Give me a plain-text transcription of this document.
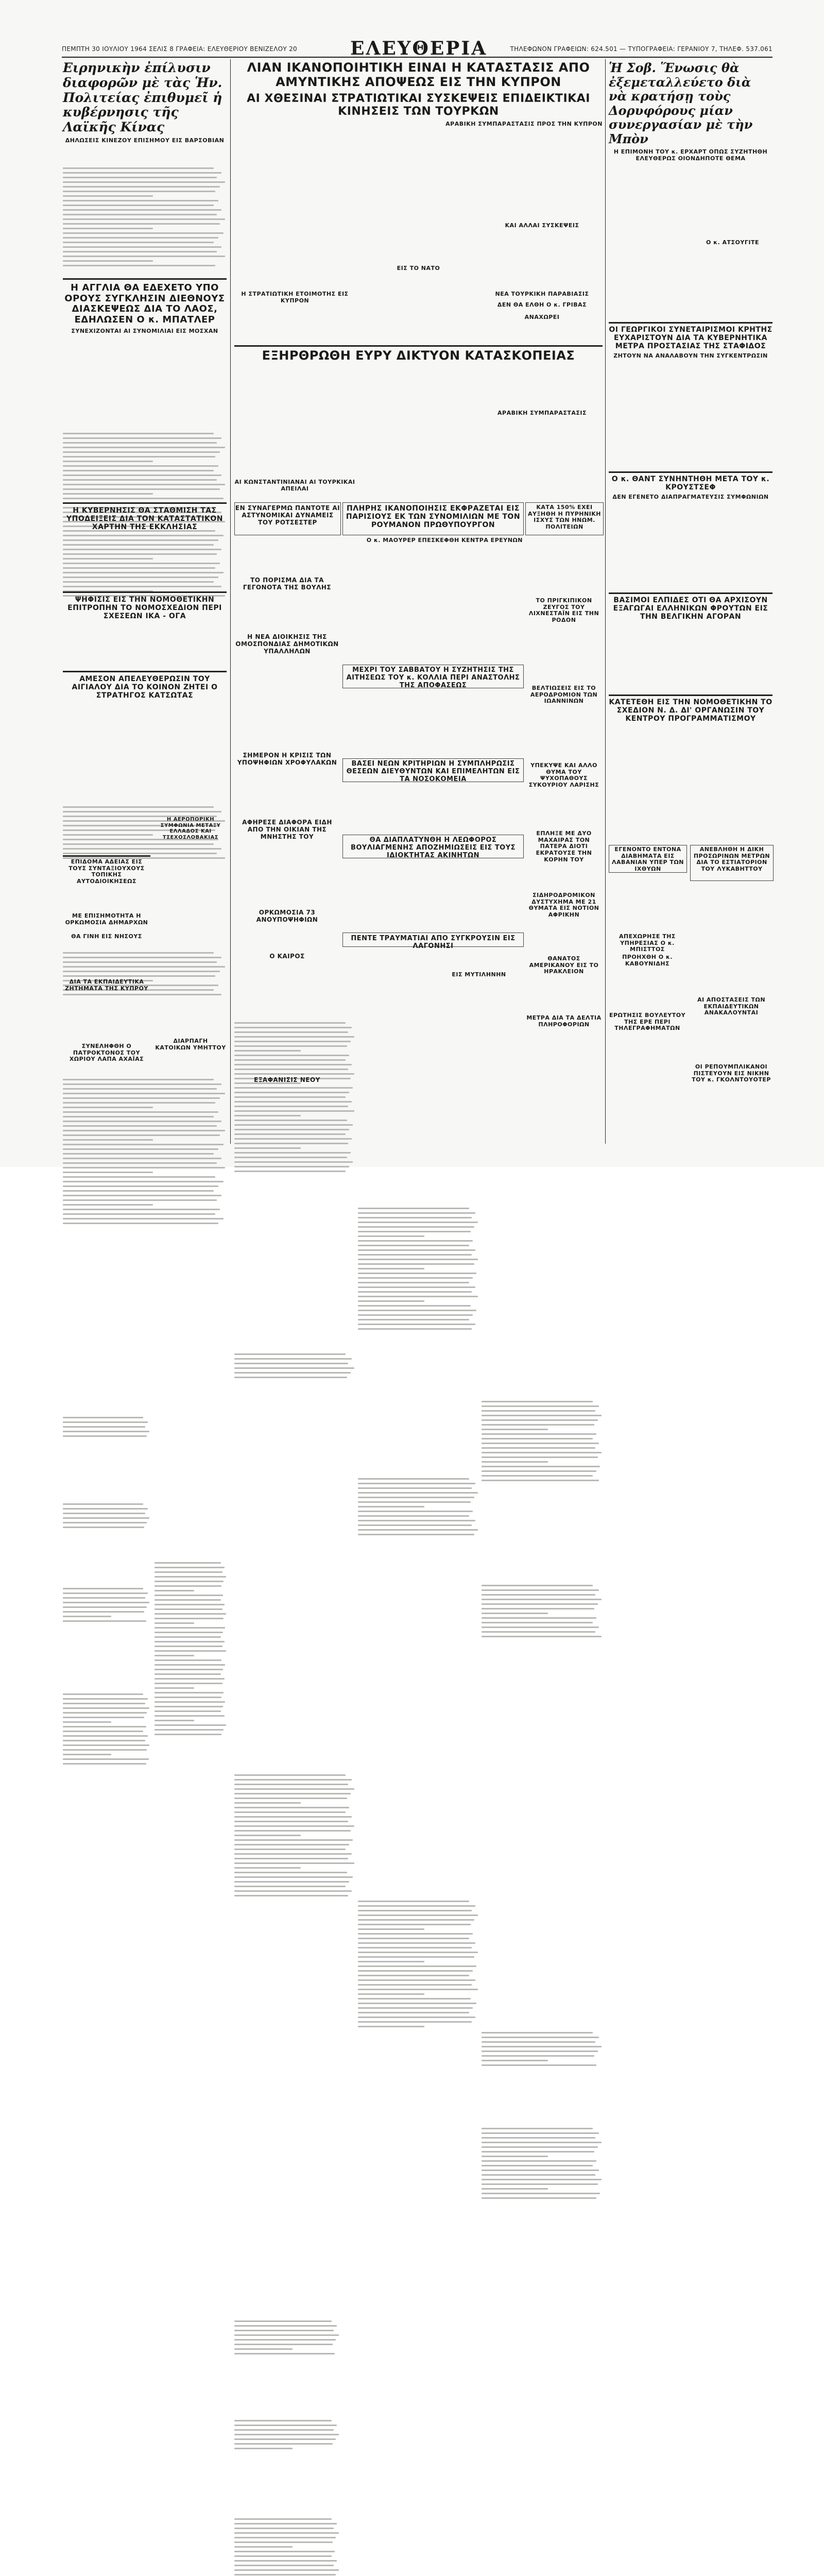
ΠΕΜΠΤΗ 30 ΙΟΥΛΙΟΥ 1964 ΣΕΛΙΣ 8 ΓΡΑΦΕΙΑ: ΕΛΕΥΘΕΡΙΟΥ ΒΕΝΙΖΕΛΟΥ 20	ΕΛΕΥΘΕΡΙΑ	ΤΗΛΕΦΩΝΟΝ ΓΡΑΦΕΙΩΝ: 624.501 — ΤΥΠΟΓΡΑΦΕΙΑ: ΓΕΡΑΝΙΟΥ 7, ΤΗΛΕΦ. 537.061
Ειρηνικὴν ἐπίλυσιν διαφορῶν μὲ τὰς Ἡν. Πολιτείας ἐπιθυμεῖ ἡ κυβέρνησις τῆς Λαϊκῆς Κίνας
ΔΗΛΩΣΕΙΣ ΚΙΝΕΖΟΥ ΕΠΙΣΗΜΟΥ ΕΙΣ ΒΑΡΣΟΒΙΑΝ
Η ΑΓΓΛΙΑ ΘΑ ΕΔΕΧΕΤΟ ΥΠΟ ΟΡΟΥΣ ΣΥΓΚΛΗΣΙΝ ΔΙΕΘΝΟΥΣ ΔΙΑΣΚΕΨΕΩΣ ΔΙΑ ΤΟ ΛΑΟΣ, ΕΔΗΛΩΣΕΝ Ο κ. ΜΠΑΤΛΕΡ
ΣΥΝΕΧΙΖΟΝΤΑΙ ΑΙ ΣΥΝΟΜΙΛΙΑΙ ΕΙΣ ΜΟΣΧΑΝ
Η ΚΥΒΕΡΝΗΣΙΣ ΘΑ ΣΤΑΘΜΙΣΗ ΤΑΣ ΥΠΟΔΕΙΞΕΙΣ ΔΙΑ ΤΟΝ ΚΑΤΑΣΤΑΤΙΚΟΝ ΧΑΡΤΗΝ ΤΗΣ ΕΚΚΛΗΣΙΑΣ
ΨΗΦΙΣΙΣ ΕΙΣ ΤΗΝ ΝΟΜΟΘΕΤΙΚΗΝ ΕΠΙΤΡΟΠΗΝ ΤΟ ΝΟΜΟΣΧΕΔΙΟΝ ΠΕΡΙ ΣΧΕΣΕΩΝ ΙΚΑ - ΟΓΑ
ΑΜΕΣΟΝ ΑΠΕΛΕΥΘΕΡΩΣΙΝ ΤΟΥ ΑΙΓΙΑΛΟΥ ΔΙΑ ΤΟ ΚΟΙΝΟΝ ΖΗΤΕΙ Ο ΣΤΡΑΤΗΓΟΣ ΚΑΤΣΩΤΑΣ
ΕΠΙΔΟΜΑ ΑΔΕΙΑΣ ΕΙΣ ΤΟΥΣ ΣΥΝΤΑΞΙΟΥΧΟΥΣ ΤΟΠΙΚΗΣ ΑΥΤΟΔΙΟΙΚΗΣΕΩΣ
ΜΕ ΕΠΙΣΗΜΟΤΗΤΑ Η ΟΡΚΩΜΟΣΙΑ ΔΗΜΑΡΧΩΝ
ΘΑ ΓΙΝΗ ΕΙΣ ΝΗΣΟΥΣ
ΔΙΑ ΤΑ ΕΚΠΑΙΔΕΥΤΙΚΑ ΖΗΤΗΜΑΤΑ ΤΗΣ ΚΥΠΡΟΥ
ΣΥΝΕΛΗΦΘΗ Ο ΠΑΤΡΟΚΤΟΝΟΣ ΤΟΥ ΧΩΡΙΟΥ ΛΑΠΑ ΑΧΑΪΑΣ
ΔΙΑΡΠΑΓΗ ΚΑΤΟΙΚΩΝ ΥΜΗΤΤΟΥ
ΛΙΑΝ ΙΚΑΝΟΠΟΙΗΤΙΚΗ ΕΙΝΑΙ Η ΚΑΤΑΣΤΑΣΙΣ ΑΠΟ ΑΜΥΝΤΙΚΗΣ ΑΠΟΨΕΩΣ ΕΙΣ ΤΗΝ ΚΥΠΡΟΝ
ΑΙ ΧΘΕΣΙΝΑΙ ΣΤΡΑΤΙΩΤΙΚΑΙ ΣΥΣΚΕΨΕΙΣ ΕΠΙΔΕΙΚΤΙΚΑΙ ΚΙΝΗΣΕΙΣ ΤΩΝ ΤΟΥΡΚΩΝ
ΑΡΑΒΙΚΗ ΣΥΜΠΑΡΑΣΤΑΣΙΣ ΠΡΟΣ ΤΗΝ ΚΥΠΡΟΝ
Η ΣΤΡΑΤΙΩΤΙΚΗ ΕΤΟΙΜΟΤΗΣ ΕΙΣ ΚΥΠΡΟΝ
ΕΙΣ ΤΟ ΝΑΤΟ
ΚΑΙ ΑΛΛΑΙ ΣΥΣΚΕΨΕΙΣ
ΕΞΗΡΘΡΩΘΗ ΕΥΡΥ ΔΙΚΤΥΟΝ ΚΑΤΑΣΚΟΠΕΙΑΣ
ΑΙ ΚΩΝΣΤΑΝΤΙΝΙΑΝΑΙ ΑΙ ΤΟΥΡΚΙΚΑΙ ΑΠΕΙΛΑΙ
ΑΡΑΒΙΚΗ ΣΥΜΠΑΡΑΣΤΑΣΙΣ
ΕΝ ΣΥΝΑΓΕΡΜΩ ΠΑΝΤΟΤΕ ΑΙ ΑΣΤΥΝΟΜΙΚΑΙ ΔΥΝΑΜΕΙΣ ΤΟΥ ΡΟΤΣΕΣΤΕΡ
ΤΟ ΠΟΡΙΣΜΑ ΔΙΑ ΤΑ ΓΕΓΟΝΟΤΑ ΤΗΣ ΒΟΥΛΗΣ
Η ΝΕΑ ΔΙΟΙΚΗΣΙΣ ΤΗΣ ΟΜΟΣΠΟΝΔΙΑΣ ΔΗΜΟΤΙΚΩΝ ΥΠΑΛΛΗΛΩΝ
ΣΗΜΕΡΟΝ Η ΚΡΙΣΙΣ ΤΩΝ ΥΠΟΨΗΦΙΩΝ ΧΡΟΦΥΛΑΚΩΝ
ΑΦΗΡΕΣΕ ΔΙΑΦΟΡΑ ΕΙΔΗ ΑΠΟ ΤΗΝ ΟΙΚΙΑΝ ΤΗΣ ΜΝΗΣΤΗΣ ΤΟΥ
ΟΡΚΩΜΟΣΙΑ 73 ΑΝΟΥΠΟΨΗΦΙΩΝ
Ο ΚΑΙΡΟΣ
ΕΞΑΦΑΝΙΣΙΣ ΝΕΟΥ
ΠΛΗΡΗΣ ΙΚΑΝΟΠΟΙΗΣΙΣ ΕΚΦΡΑΖΕΤΑΙ ΕΙΣ ΠΑΡΙΣΙΟΥΣ ΕΚ ΤΩΝ ΣΥΝΟΜΙΛΙΩΝ ΜΕ ΤΟΝ ΡΟΥΜΑΝΟΝ ΠΡΩΘΥΠΟΥΡΓΟΝ
Ο κ. ΜΑΟΥΡΕΡ ΕΠΕΣΚΕΦΘΗ ΚΕΝΤΡΑ ΕΡΕΥΝΩΝ
ΚΑΤΑ 150% ΕΧΕΙ ΑΥΞΗΘΗ Η ΠΥΡΗΝΙΚΗ ΙΣΧΥΣ ΤΩΝ ΗΝΩΜ. ΠΟΛΙΤΕΙΩΝ
ΤΟ ΠΡΙΓΚΙΠΙΚΟΝ ΖΕΥΓΟΣ ΤΟΥ ΛΙΧΝΕΣΤΑΪΝ ΕΙΣ ΤΗΝ ΡΟΔΟΝ
ΜΕΧΡΙ ΤΟΥ ΣΑΒΒΑΤΟΥ Η ΣΥΖΗΤΗΣΙΣ ΤΗΣ ΑΙΤΗΣΕΩΣ ΤΟΥ κ. ΚΟΛΛΙΑ ΠΕΡΙ ΑΝΑΣΤΟΛΗΣ ΤΗΣ ΑΠΟΦΑΣΕΩΣ	ΒΕΛΤΙΩΣΕΙΣ ΕΙΣ ΤΟ ΑΕΡΟΔΡΟΜΙΟΝ ΤΩΝ ΙΩΑΝΝΙΝΩΝ
ΒΑΣΕΙ ΝΕΩΝ ΚΡΙΤΗΡΙΩΝ Η ΣΥΜΠΛΗΡΩΣΙΣ ΘΕΣΕΩΝ ΔΙΕΥΘΥΝΤΩΝ ΚΑΙ ΕΠΙΜΕΛΗΤΩΝ ΕΙΣ ΤΑ ΝΟΣΟΚΟΜΕΙΑ
ΥΠΕΚΥΨΕ ΚΑΙ ΑΛΛΟ ΘΥΜΑ ΤΟΥ ΨΥΧΟΠΑΘΟΥΣ ΣΥΚΟΥΡΙΟΥ ΛΑΡΙΣΗΣ
ΘΑ ΔΙΑΠΛΑΤΥΝΘΗ Η ΛΕΩΦΟΡΟΣ ΒΟΥΛΙΑΓΜΕΝΗΣ ΑΠΟΖΗΜΙΩΣΕΙΣ ΕΙΣ ΤΟΥΣ ΙΔΙΟΚΤΗΤΑΣ ΑΚΙΝΗΤΩΝ
ΕΠΛΗΞΕ ΜΕ ΔΥΟ ΜΑΧΑΙΡΑΣ ΤΟΝ ΠΑΤΕΡΑ ΔΙΟΤΙ ΕΚΡΑΤΟΥΣΕ ΤΗΝ ΚΟΡΗΝ ΤΟΥ
ΣΙΔΗΡΟΔΡΟΜΙΚΟΝ ΔΥΣΤΥΧΗΜΑ ΜΕ 21 ΘΥΜΑΤΑ ΕΙΣ ΝΟΤΙΟΝ ΑΦΡΙΚΗΝ
ΠΕΝΤΕ ΤΡΑΥΜΑΤΙΑΙ ΑΠΟ ΣΥΓΚΡΟΥΣΙΝ ΕΙΣ ΛΑΓΟΝΗΣΙ
ΕΙΣ ΜΥΤΙΛΗΝΗΝ
ΘΑΝΑΤΟΣ ΑΜΕΡΙΚΑΝΟΥ ΕΙΣ ΤΟ ΗΡΑΚΛΕΙΟΝ
ΜΕΤΡΑ ΔΙΑ ΤΑ ΔΕΛΤΙΑ ΠΛΗΡΟΦΟΡΙΩΝ
Ἡ Σοβ. Ἕνωσις θὰ ἐξεμεταλλεύετο διὰ νὰ κρατήσῃ τοὺς Δορυφόρους μίαν συνεργασίαν μὲ τὴν Μπὸν
Η ΕΠΙΜΟΝΗ ΤΟΥ κ. ΕΡΧΑΡΤ ΟΠΩΣ ΣΥΖΗΤΗΘΗ ΕΛΕΥΘΕΡΩΣ ΟΙΟΝΔΗΠΟΤΕ ΘΕΜΑ
Ο κ. ΑΤΣΟΥΓΙΤΕ
ΟΙ ΓΕΩΡΓΙΚΟΙ ΣΥΝΕΤΑΙΡΙΣΜΟΙ ΚΡΗΤΗΣ ΕΥΧΑΡΙΣΤΟΥΝ ΔΙΑ ΤΑ ΚΥΒΕΡΝΗΤΙΚΑ ΜΕΤΡΑ ΠΡΟΣΤΑΣΙΑΣ ΤΗΣ ΣΤΑΦΙΔΟΣ
ΖΗΤΟΥΝ ΝΑ ΑΝΑΛΑΒΟΥΝ ΤΗΝ ΣΥΓΚΕΝΤΡΩΣΙΝ
Ο κ. ΘΑΝΤ ΣΥΝΗΝΤΗΘΗ ΜΕΤΑ ΤΟΥ κ. ΚΡΟΥΣΤΣΕΦ
ΔΕΝ ΕΓΕΝΕΤΟ ΔΙΑΠΡΑΓΜΑΤΕΥΣΙΣ ΣΥΜΦΩΝΙΩΝ
ΒΑΣΙΜΟΙ ΕΛΠΙΔΕΣ ΟΤΙ ΘΑ ΑΡΧΙΣΟΥΝ ΕΞΑΓΩΓΑΙ ΕΛΛΗΝΙΚΩΝ ΦΡΟΥΤΩΝ ΕΙΣ ΤΗΝ ΒΕΛΓΙΚΗΝ ΑΓΟΡΑΝ
ΚΑΤΕΤΕΘΗ ΕΙΣ ΤΗΝ ΝΟΜΟΘΕΤΙΚΗΝ ΤΟ ΣΧΕΔΙΟΝ Ν. Δ. ΔΙ' ΟΡΓΑΝΩΣΙΝ ΤΟΥ ΚΕΝΤΡΟΥ ΠΡΟΓΡΑΜΜΑΤΙΣΜΟΥ
ΕΓΕΝΟΝΤΟ ΕΝΤΟΝΑ ΔΙΑΒΗΜΑΤΑ ΕΙΣ ΛΑΒΑΝΙΑΝ ΥΠΕΡ ΤΩΝ ΙΧΘΥΩΝ
ΑΠΕΧΩΡΗΣΕ ΤΗΣ ΥΠΗΡΕΣΙΑΣ Ο κ. ΜΠΙΣΤΤΟΣ
ΠΡΟΗΧΘΗ Ο κ. ΚΑΒΟΥΝΙΔΗΣ
ΕΡΩΤΗΣΙΣ ΒΟΥΛΕΥΤΟΥ ΤΗΣ ΕΡΕ ΠΕΡΙ ΤΗΛΕΓΡΑΦΗΜΑΤΩΝ
ΑΝΕΒΛΗΘΗ Η ΔΙΚΗ ΠΡΟΣΩΡΙΝΩΝ ΜΕΤΡΩΝ ΔΙΑ ΤΟ ΕΣΤΙΑΤΟΡΙΟΝ ΤΟΥ ΛΥΚΑΒΗΤΤΟΥ
ΑΙ ΑΠΟΣΤΑΣΕΙΣ ΤΩΝ ΕΚΠΑΙΔΕΥΤΙΚΩΝ ΑΝΑΚΑΛΟΥΝΤΑΙ
ΟΙ ΡΕΠΟΥΜΠΛΙΚΑΝΟΙ ΠΙΣΤΕΥΟΥΝ ΕΙΣ ΝΙΚΗΝ ΤΟΥ κ. ΓΚΟΛΝΤΟΥΟΤΕΡ
Η ΑΕΡΟΠΟΡΙΚΗ ΣΥΜΦΩΝΙΑ ΜΕΤΑΞΥ ΕΛΛΑΔΟΣ ΚΑΙ ΤΣΕΧΟΣΛΟΒΑΚΙΑΣ
ΝΕΑ ΤΟΥΡΚΙΚΗ ΠΑΡΑΒΙΑΣΙΣ
ΔΕΝ ΘΑ ΕΛΘΗ Ο κ. ΓΡΙΒΑΣ
ΑΝΑΧΩΡΕΙ
